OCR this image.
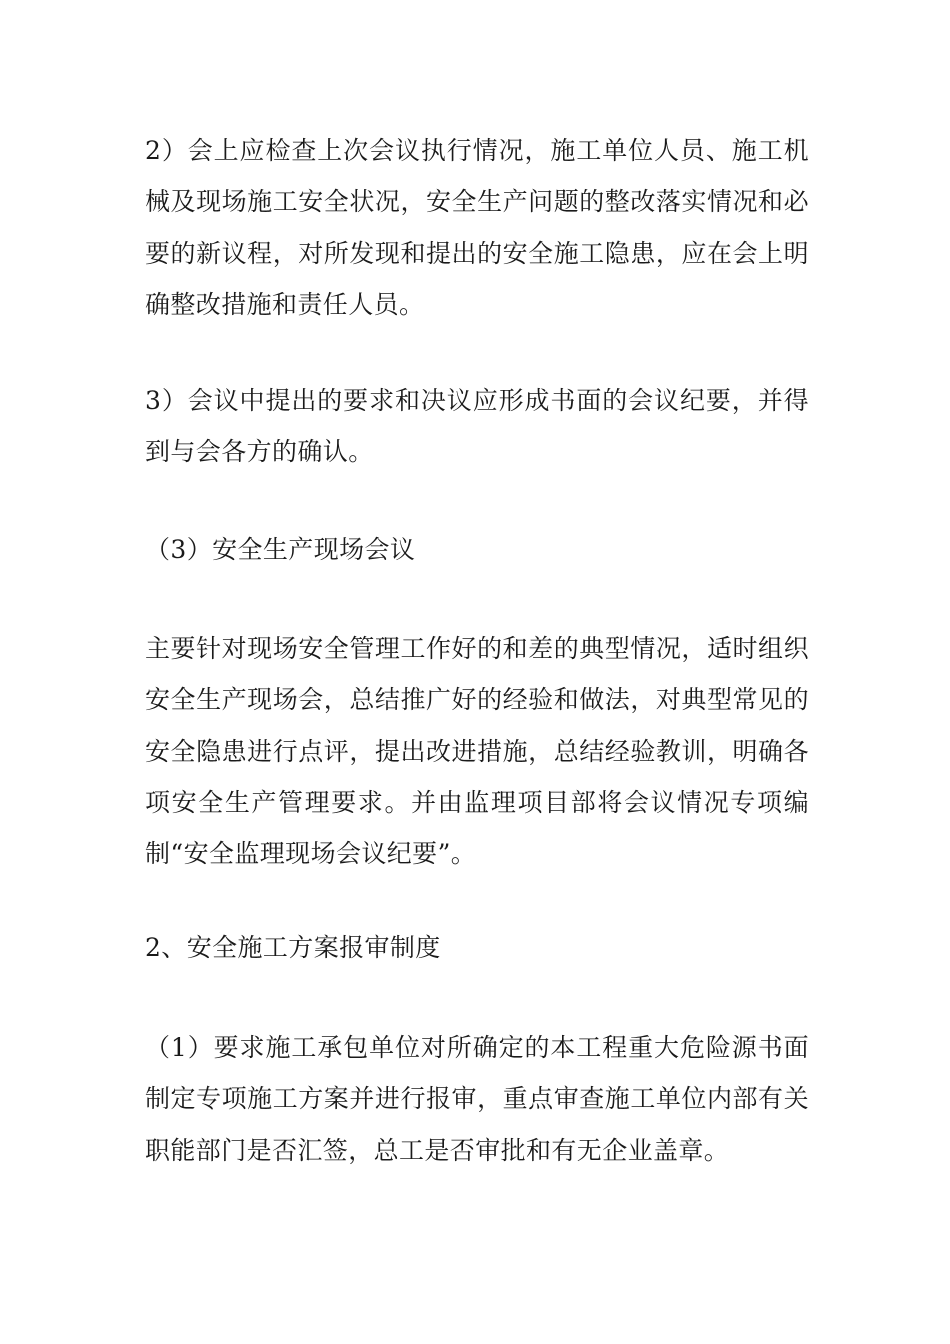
2）会上应检查上次会议执行情况，施工单位人员、施工机械及现场施工安全状况，安全生产问题的整改落实情况和必要的新议程，对所发现和提出的安全施工隐患，应在会上明确整改措施和责任人员。

3）会议中提出的要求和决议应形成书面的会议纪要，并得到与会各方的确认。

（3）安全生产现场会议

主要针对现场安全管理工作好的和差的典型情况，适时组织安全生产现场会，总结推广好的经验和做法，对典型常见的安全隐患进行点评，提出改进措施，总结经验教训，明确各项安全生产管理要求。并由监理项目部将会议情况专项编制“安全监理现场会议纪要”。

2、安全施工方案报审制度

（1）要求施工承包单位对所确定的本工程重大危险源书面制定专项施工方案并进行报审，重点审查施工单位内部有关职能部门是否汇签，总工是否审批和有无企业盖章。
